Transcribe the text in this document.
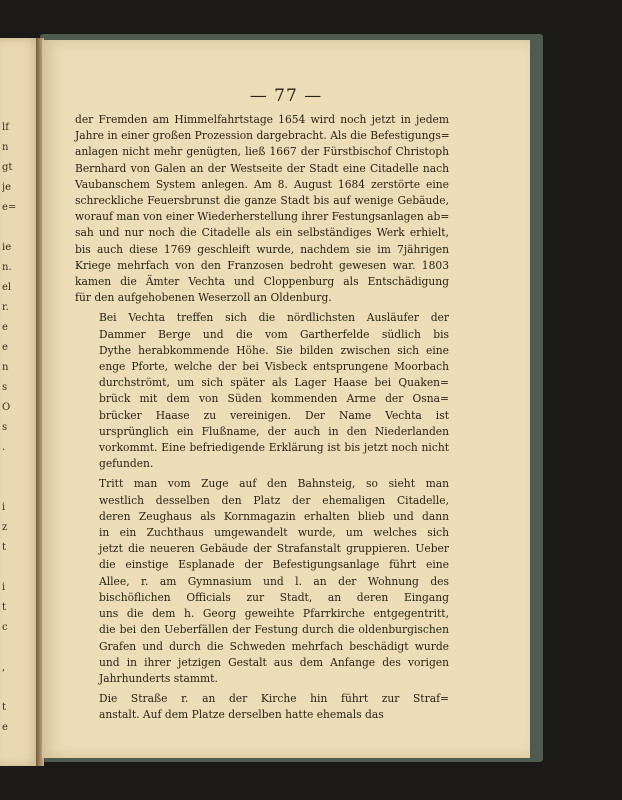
lf
n
gt
je
e=

ie
n.
el
r.
e
e
n
s
O
s
.

i
z
t

i
t
c

,

t
e
— 77 —

der Fremden am Himmelfahrtstage 1654 wird noch jetzt in jedem
Jahre in einer großen Prozession dargebracht. Als die Befestigungs=
anlagen nicht mehr genügten, ließ 1667 der Fürstbischof Christoph
Bernhard von Galen an der Westseite der Stadt eine Citadelle nach
Vaubanschem System anlegen. Am 8. August 1684 zerstörte eine
schreckliche Feuersbrunst die ganze Stadt bis auf wenige Gebäude,
worauf man von einer Wiederherstellung ihrer Festungsanlagen ab=
sah und nur noch die Citadelle als ein selbständiges Werk erhielt,
bis auch diese 1769 geschleift wurde, nachdem sie im 7jährigen
Kriege mehrfach von den Franzosen bedroht gewesen war. 1803
kamen die Ämter Vechta und Cloppenburg als Entschädigung
für den aufgehobenen Weserzoll an Oldenburg.

Bei Vechta treffen sich die nördlichsten Ausläufer der
Dammer Berge und die vom Gartherfelde südlich bis
Dythe herabkommende Höhe. Sie bilden zwischen sich eine
enge Pforte, welche der bei Visbeck entsprungene Moorbach
durchströmt, um sich später als Lager Haase bei Quaken=
brück mit dem von Süden kommenden Arme der Osna=
brücker Haase zu vereinigen. Der Name Vechta ist
ursprünglich ein Flußname, der auch in den Niederlanden
vorkommt. Eine befriedigende Erklärung ist bis jetzt noch nicht
gefunden.

Tritt man vom Zuge auf den Bahnsteig, so sieht man
westlich desselben den Platz der ehemaligen Citadelle,
deren Zeughaus als Kornmagazin erhalten blieb und dann
in ein Zuchthaus umgewandelt wurde, um welches sich
jetzt die neueren Gebäude der Strafanstalt gruppieren. Ueber
die einstige Esplanade der Befestigungsanlage führt eine
Allee, r. am Gymnasium und l. an der Wohnung des
bischöflichen Officials zur Stadt, an deren Eingang
uns die dem h. Georg geweihte Pfarrkirche entgegentritt,
die bei den Ueberfällen der Festung durch die oldenburgischen
Grafen und durch die Schweden mehrfach beschädigt wurde
und in ihrer jetzigen Gestalt aus dem Anfange des vorigen
Jahrhunderts stammt.

Die Straße r. an der Kirche hin führt zur Straf=
anstalt. Auf dem Platze derselben hatte ehemals das
